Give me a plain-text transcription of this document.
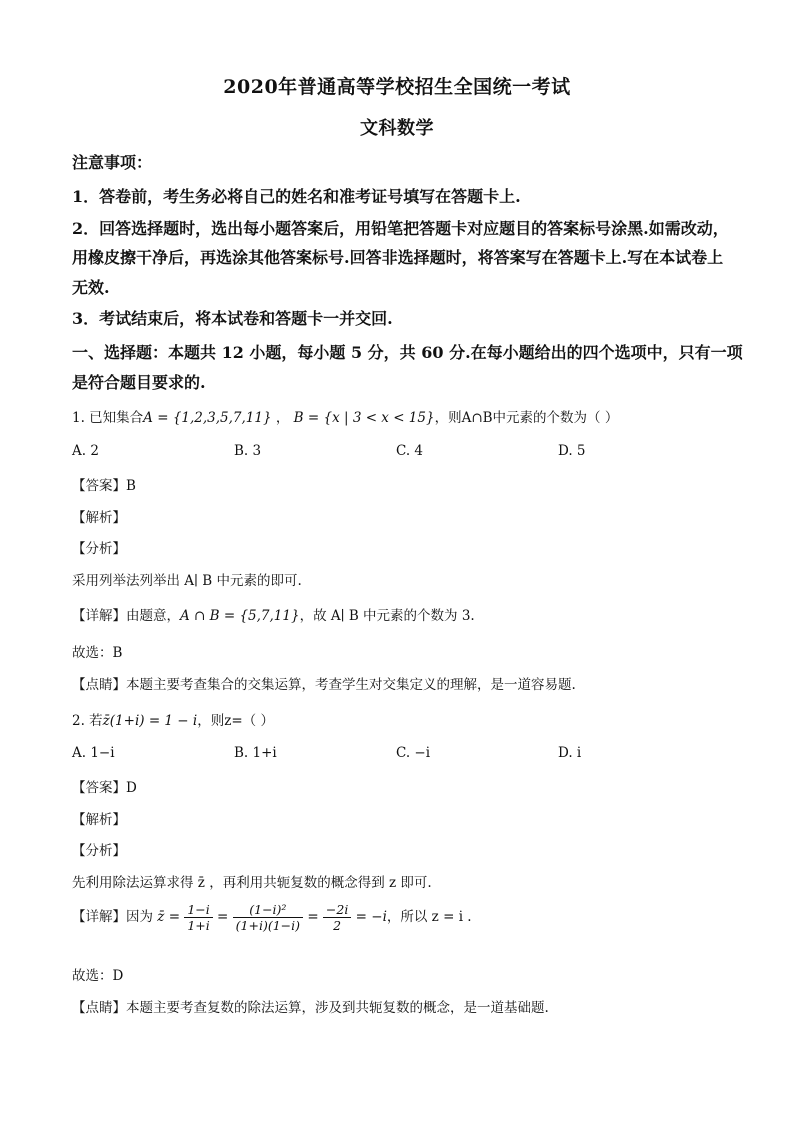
2020年普通高等学校招生全国统一考试
文科数学
注意事项：
1．答卷前，考生务必将自己的姓名和准考证号填写在答题卡上.
2．回答选择题时，选出每小题答案后，用铅笔把答题卡对应题目的答案标号涂黑.如需改动，
用橡皮擦干净后，再选涂其他答案标号.回答非选择题时，将答案写在答题卡上.写在本试卷上
无效.
3．考试结束后，将本试卷和答题卡一并交回.
一、选择题：本题共 12 小题，每小题 5 分，共 60 分.在每小题给出的四个选项中，只有一项
是符合题目要求的.
1. 已知集合A = {1,2,3,5,7,11} ， B = {x | 3 < x < 15}，则A∩B中元素的个数为（ ）
A. 2	B. 3	C. 4	D. 5
【答案】B
【解析】
【分析】
采用列举法列举出 A∣ B 中元素的即可.
【详解】由题意，A ∩ B = {5,7,11}，故 A∣ B 中元素的个数为 3.
故选：B
【点睛】本题主要考查集合的交集运算，考查学生对交集定义的理解，是一道容易题.
2. 若z̄(1+i) = 1 − i，则z=（ ）
A. 1−i	B. 1+i	C. −i	D. i
【答案】D
【解析】
【分析】
先利用除法运算求得 z̄ ，再利用共轭复数的概念得到 z 即可.
【详解】因为 z̄ = $\frac{1-i}{1+i} = \frac{\text{(1−i)²}}{(1+i)(1-i)} = \frac{-2i}{2} = -i$，所以 z = i .
故选：D
【点睛】本题主要考查复数的除法运算，涉及到共轭复数的概念，是一道基础题.
